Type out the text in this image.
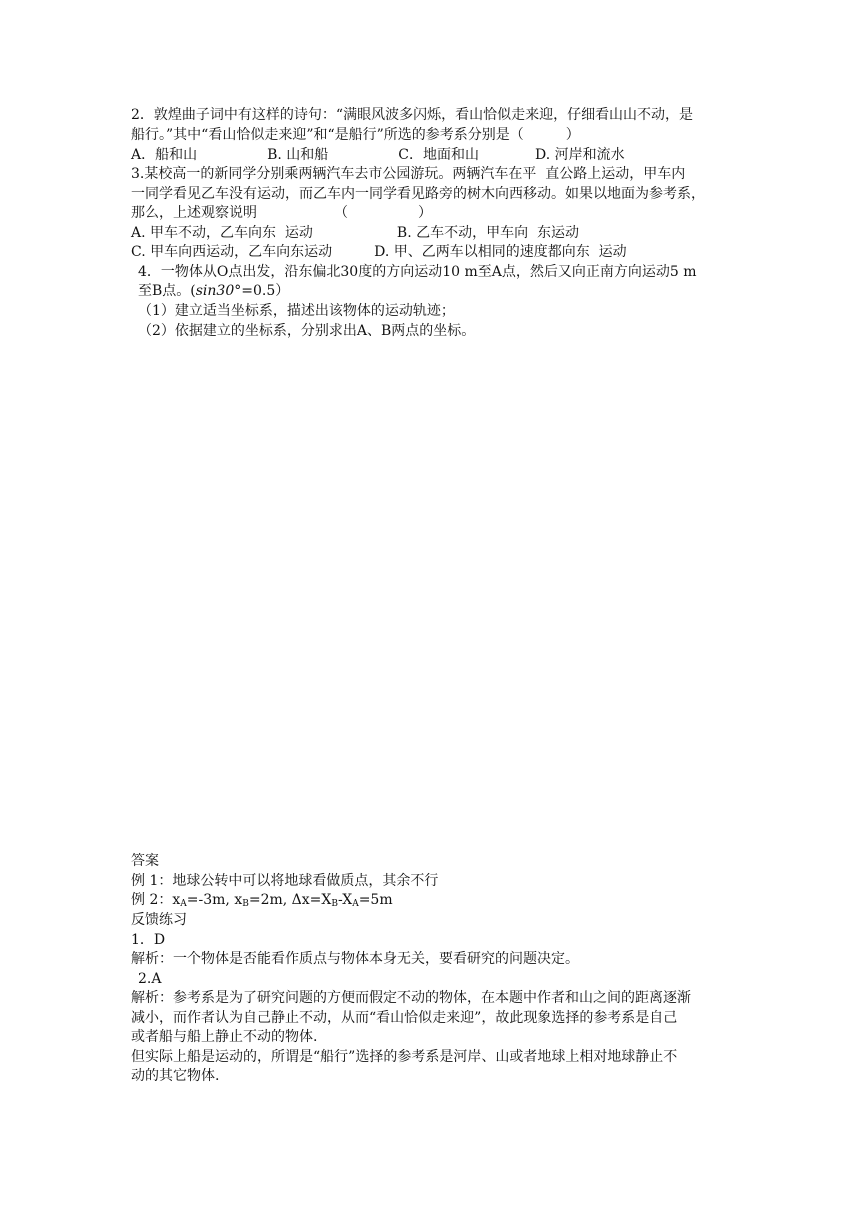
2．敦煌曲子词中有这样的诗句：“满眼风波多闪烁，看山恰似走来迎，仔细看山山不动，是
船行。”其中“看山恰似走来迎”和“是船行”所选的参考系分别是（　　　）
A．船和山　　　　　B. 山和船　　　　　C．地面和山　　　　D. 河岸和流水
3.某校高一的新同学分别乘两辆汽车去市公园游玩。两辆汽车在平  直公路上运动，甲车内
一同学看见乙车没有运动，而乙车内一同学看见路旁的树木向西移动。如果以地面为参考系，
那么，上述观察说明　　　　　　（　　　　　）
A. 甲车不动，乙车向东  运动　　　　　　B. 乙车不动，甲车向  东运动
C. 甲车向西运动，乙车向东运动　　　D. 甲、乙两车以相同的速度都向东  运动
4．一物体从O点出发，沿东偏北30度的方向运动10 m至A点，然后又向正南方向运动5 m
至B点。(sin30°=0.5）
（1）建立适当坐标系，描述出该物体的运动轨迹；
（2）依据建立的坐标系，分别求出A、B两点的坐标。
答案
例 1：地球公转中可以将地球看做质点，其余不行
例 2：$x_A=-3m$, $x_B=2m$, $\Delta x=X_B-X_A=5m$
反馈练习
1．D
解析：一个物体是否能看作质点与物体本身无关，要看研究的问题决定。
2.A
解析：参考系是为了研究问题的方便而假定不动的物体，在本题中作者和山之间的距离逐渐
减小，而作者认为自己静止不动，从而“看山恰似走来迎”，故此现象选择的参考系是自己
或者船与船上静止不动的物体.
但实际上船是运动的，所谓是“船行”选择的参考系是河岸、山或者地球上相对地球静止不
动的其它物体.
